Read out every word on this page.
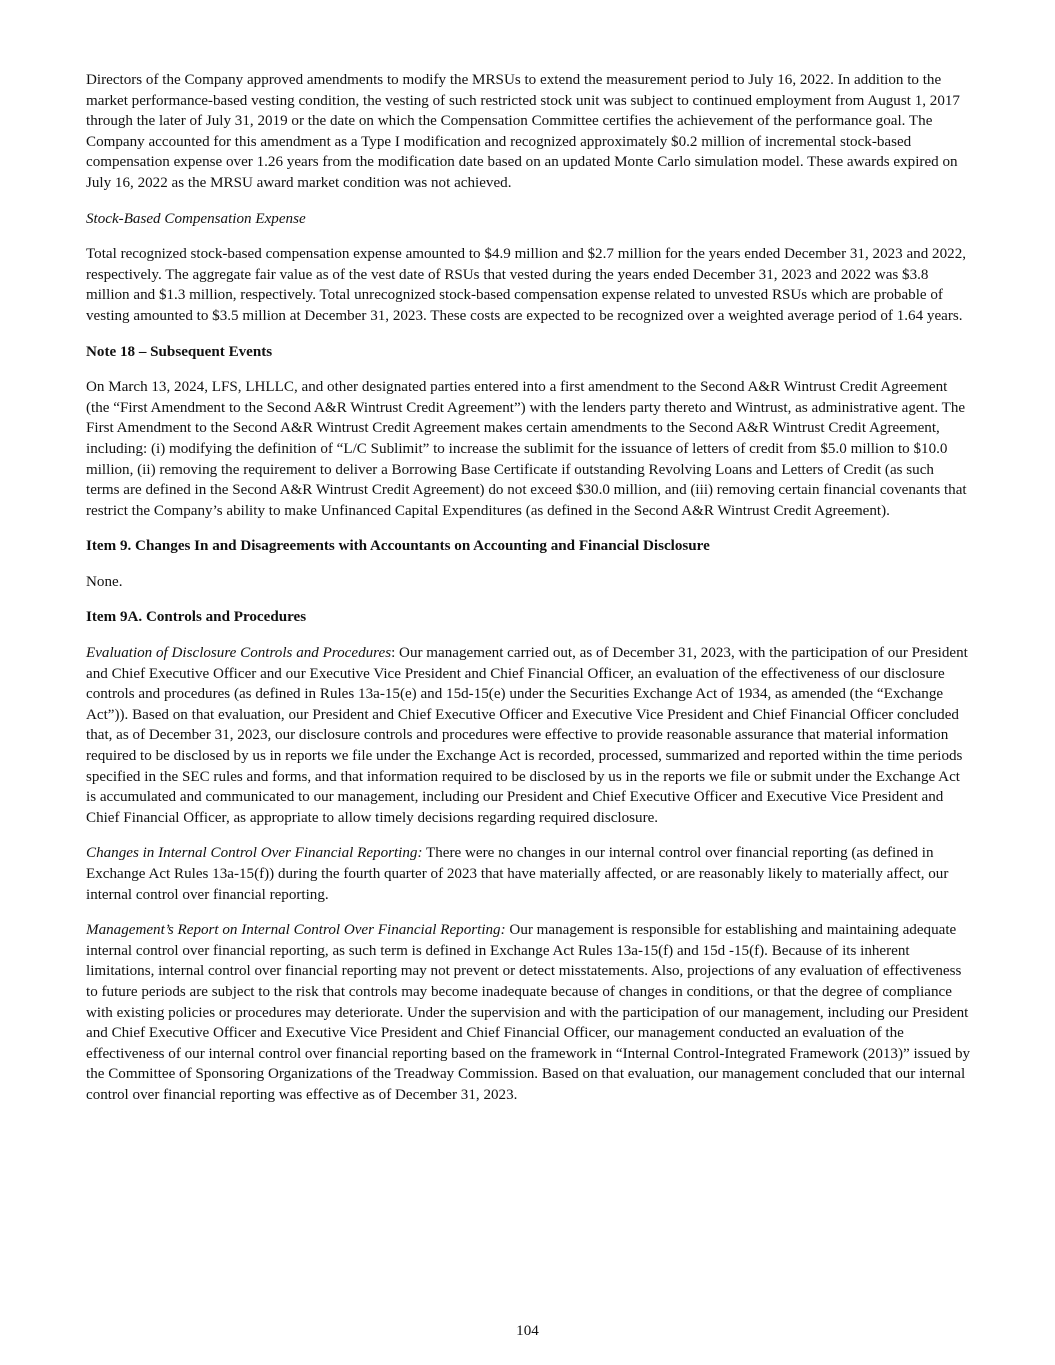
Directors of the Company approved amendments to modify the MRSUs to extend the measurement period to July 16, 2022. In addition to the market performance-based vesting condition, the vesting of such restricted stock unit was subject to continued employment from August 1, 2017 through the later of July 31, 2019 or the date on which the Compensation Committee certifies the achievement of the performance goal. The Company accounted for this amendment as a Type I modification and recognized approximately $0.2 million of incremental stock-based compensation expense over 1.26 years from the modification date based on an updated Monte Carlo simulation model. These awards expired on July 16, 2022 as the MRSU award market condition was not achieved.

Stock-Based Compensation Expense

Total recognized stock-based compensation expense amounted to $4.9 million and $2.7 million for the years ended December 31, 2023 and 2022, respectively. The aggregate fair value as of the vest date of RSUs that vested during the years ended December 31, 2023 and 2022 was $3.8 million and $1.3 million, respectively. Total unrecognized stock-based compensation expense related to unvested RSUs which are probable of vesting amounted to $3.5 million at December 31, 2023. These costs are expected to be recognized over a weighted average period of 1.64 years.

Note 18 – Subsequent Events

On March 13, 2024, LFS, LHLLC, and other designated parties entered into a first amendment to the Second A&R Wintrust Credit Agreement (the “First Amendment to the Second A&R Wintrust Credit Agreement”) with the lenders party thereto and Wintrust, as administrative agent. The First Amendment to the Second A&R Wintrust Credit Agreement makes certain amendments to the Second A&R Wintrust Credit Agreement, including: (i) modifying the definition of “L/C Sublimit” to increase the sublimit for the issuance of letters of credit from $5.0 million to $10.0 million, (ii) removing the requirement to deliver a Borrowing Base Certificate if outstanding Revolving Loans and Letters of Credit (as such terms are defined in the Second A&R Wintrust Credit Agreement) do not exceed $30.0 million, and (iii) removing certain financial covenants that restrict the Company’s ability to make Unfinanced Capital Expenditures (as defined in the Second A&R Wintrust Credit Agreement).

Item 9. Changes In and Disagreements with Accountants on Accounting and Financial Disclosure

None.

Item 9A. Controls and Procedures

Evaluation of Disclosure Controls and Procedures: Our management carried out, as of December 31, 2023, with the participation of our President and Chief Executive Officer and our Executive Vice President and Chief Financial Officer, an evaluation of the effectiveness of our disclosure controls and procedures (as defined in Rules 13a-15(e) and 15d-15(e) under the Securities Exchange Act of 1934, as amended (the “Exchange Act”)). Based on that evaluation, our President and Chief Executive Officer and Executive Vice President and Chief Financial Officer concluded that, as of December 31, 2023, our disclosure controls and procedures were effective to provide reasonable assurance that material information required to be disclosed by us in reports we file under the Exchange Act is recorded, processed, summarized and reported within the time periods specified in the SEC rules and forms, and that information required to be disclosed by us in the reports we file or submit under the Exchange Act is accumulated and communicated to our management, including our President and Chief Executive Officer and Executive Vice President and Chief Financial Officer, as appropriate to allow timely decisions regarding required disclosure.

Changes in Internal Control Over Financial Reporting: There were no changes in our internal control over financial reporting (as defined in Exchange Act Rules 13a-15(f)) during the fourth quarter of 2023 that have materially affected, or are reasonably likely to materially affect, our internal control over financial reporting.

Management’s Report on Internal Control Over Financial Reporting: Our management is responsible for establishing and maintaining adequate internal control over financial reporting, as such term is defined in Exchange Act Rules 13a-15(f) and 15d -15(f). Because of its inherent limitations, internal control over financial reporting may not prevent or detect misstatements. Also, projections of any evaluation of effectiveness to future periods are subject to the risk that controls may become inadequate because of changes in conditions, or that the degree of compliance with existing policies or procedures may deteriorate. Under the supervision and with the participation of our management, including our President and Chief Executive Officer and Executive Vice President and Chief Financial Officer, our management conducted an evaluation of the effectiveness of our internal control over financial reporting based on the framework in “Internal Control-Integrated Framework (2013)” issued by the Committee of Sponsoring Organizations of the Treadway Commission. Based on that evaluation, our management concluded that our internal control over financial reporting was effective as of December 31, 2023.

104
